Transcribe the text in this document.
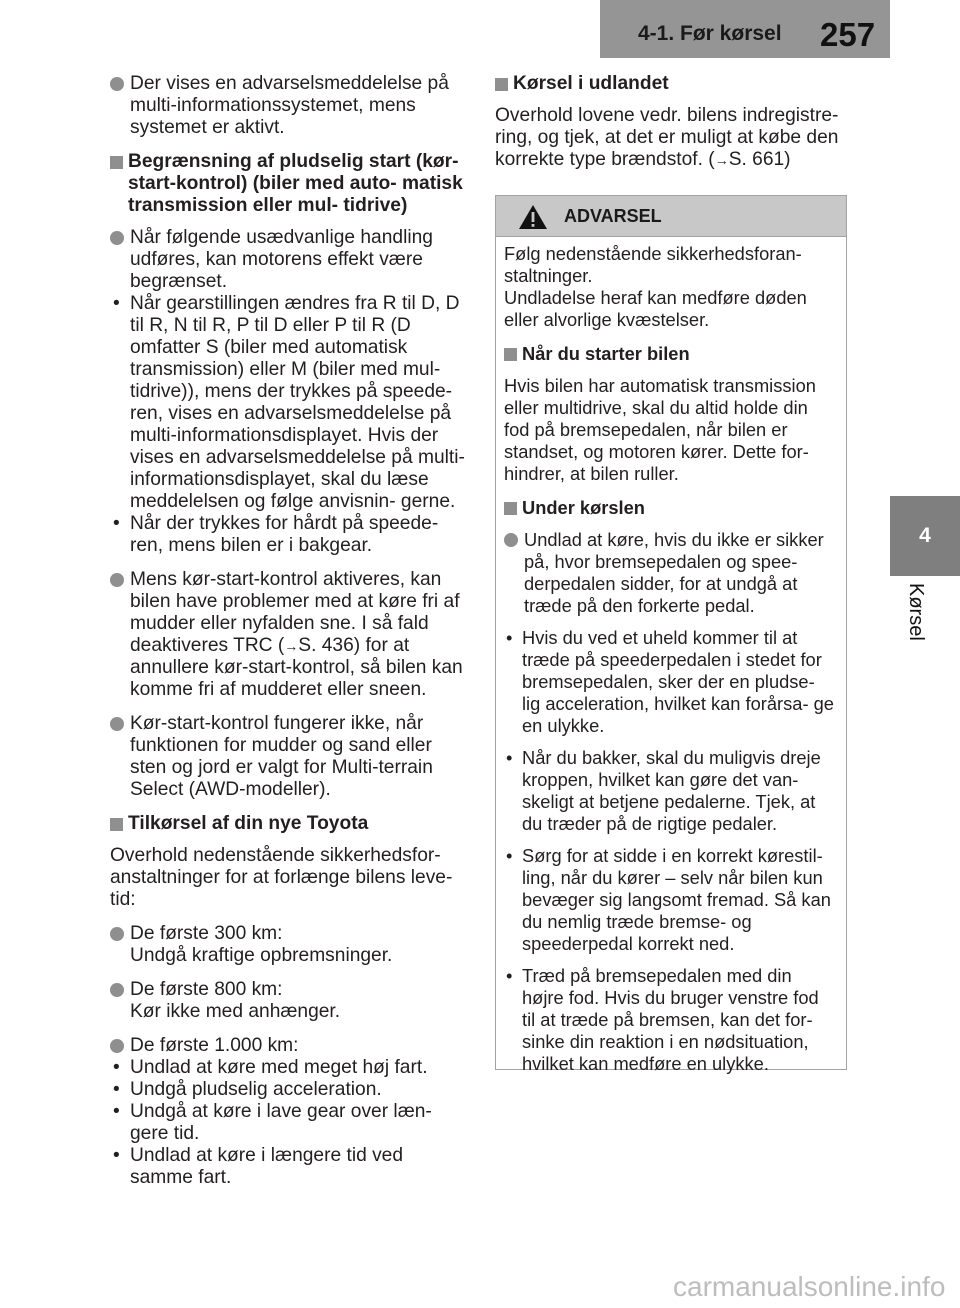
4-1. Før kørsel 257
4
Kørsel
Der vises en advarselsmeddelelse på multi-informationssystemet, mens systemet er aktivt.
Begrænsning af pludselig start (kør-start-kontrol) (biler med auto- matisk transmission eller mul- tidrive)
Når følgende usædvanlige handling udføres, kan motorens effekt være begrænset.
• Når gearstillingen ændres fra R til D, D til R, N til R, P til D eller P til R (D omfatter S (biler med automatisk transmission) eller M (biler med mul- tidrive)), mens der trykkes på speede- ren, vises en advarselsmeddelelse på multi-informationsdisplayet. Hvis der vises en advarselsmeddelelse på multi-informationsdisplayet, skal du læse meddelelsen og følge anvisnin- gerne.
• Når der trykkes for hårdt på speede- ren, mens bilen er i bakgear.
Mens kør-start-kontrol aktiveres, kan bilen have problemer med at køre fri af mudder eller nyfalden sne. I så fald deaktiveres TRC (→S. 436) for at annullere kør-start-kontrol, så bilen kan komme fri af mudderet eller sneen.
Kør-start-kontrol fungerer ikke, når funktionen for mudder og sand eller sten og jord er valgt for Multi-terrain Select (AWD-modeller).
Tilkørsel af din nye Toyota
Overhold nedenstående sikkerhedsfor- anstaltninger for at forlænge bilens leve- tid:
De første 300 km:
Undgå kraftige opbremsninger.
De første 800 km:
Kør ikke med anhænger.
De første 1.000 km:
• Undlad at køre med meget høj fart.
• Undgå pludselig acceleration.
• Undgå at køre i lave gear over læn- gere tid.
• Undlad at køre i længere tid ved samme fart.
Kørsel i udlandet
Overhold lovene vedr. bilens indregistre- ring, og tjek, at det er muligt at købe den korrekte type brændstof. (→S. 661)
ADVARSEL
Følg nedenstående sikkerhedsforan- staltninger.
Undladelse heraf kan medføre døden eller alvorlige kvæstelser.
Når du starter bilen
Hvis bilen har automatisk transmission eller multidrive, skal du altid holde din fod på bremsepedalen, når bilen er standset, og motoren kører. Dette for- hindrer, at bilen ruller.
Under kørslen
Undlad at køre, hvis du ikke er sikker på, hvor bremsepedalen og spee- derpedalen sidder, for at undgå at træde på den forkerte pedal.
• Hvis du ved et uheld kommer til at træde på speederpedalen i stedet for bremsepedalen, sker der en pludse- lig acceleration, hvilket kan forårsa- ge en ulykke.
• Når du bakker, skal du muligvis dreje kroppen, hvilket kan gøre det van- skeligt at betjene pedalerne. Tjek, at du træder på de rigtige pedaler.
• Sørg for at sidde i en korrekt kørestil- ling, når du kører – selv når bilen kun bevæger sig langsomt fremad. Så kan du nemlig træde bremse- og speederpedal korrekt ned.
• Træd på bremsepedalen med din højre fod. Hvis du bruger venstre fod til at træde på bremsen, kan det for- sinke din reaktion i en nødsituation, hvilket kan medføre en ulykke.
carmanualsonline.info
